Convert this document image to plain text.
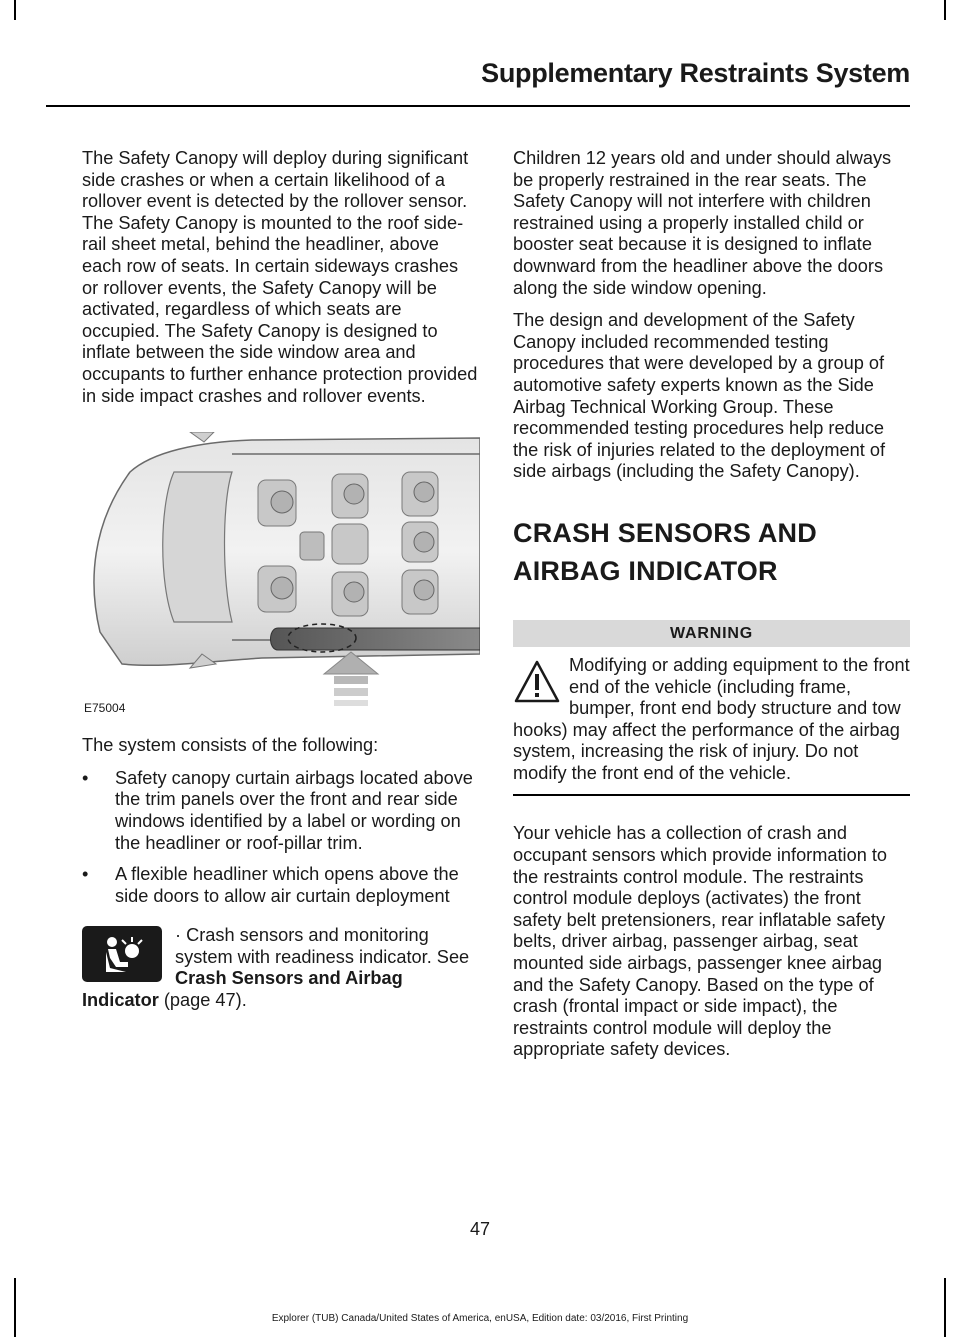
Supplementary Restraints System

The Safety Canopy will deploy during significant side crashes or when a certain likelihood of a rollover event is detected by the rollover sensor. The Safety Canopy is mounted to the roof side-rail sheet metal, behind the headliner, above each row of seats. In certain sideways crashes or rollover events, the Safety Canopy will be activated, regardless of which seats are occupied. The Safety Canopy is designed to inflate between the side window area and occupants to further enhance protection provided in side impact crashes and rollover events.

E75004

The system consists of the following:

• Safety canopy curtain airbags located above the trim panels over the front and rear side windows identified by a label or wording on the headliner or roof-pillar trim.
• A flexible headliner which opens above the side doors to allow air curtain deployment
· Crash sensors and monitoring system with readiness indicator. See Crash Sensors and Airbag Indicator (page 47).

Children 12 years old and under should always be properly restrained in the rear seats. The Safety Canopy will not interfere with children restrained using a properly installed child or booster seat because it is designed to inflate downward from the headliner above the doors along the side window opening.

The design and development of the Safety Canopy included recommended testing procedures that were developed by a group of automotive safety experts known as the Side Airbag Technical Working Group. These recommended testing procedures help reduce the risk of injuries related to the deployment of side airbags (including the Safety Canopy).

CRASH SENSORS AND
AIRBAG INDICATOR
WARNING
Modifying or adding equipment to the front end of the vehicle (including frame, bumper, front end body structure and tow hooks) may affect the performance of the airbag system, increasing the risk of injury. Do not modify the front end of the vehicle.

Your vehicle has a collection of crash and occupant sensors which provide information to the restraints control module. The restraints control module deploys (activates) the front safety belt pretensioners, rear inflatable safety belts, driver airbag, passenger airbag, seat mounted side airbags, passenger knee airbag and the Safety Canopy. Based on the type of crash (frontal impact or side impact), the restraints control module will deploy the appropriate safety devices.

47
Explorer (TUB) Canada/United States of America, enUSA, Edition date: 03/2016, First Printing
